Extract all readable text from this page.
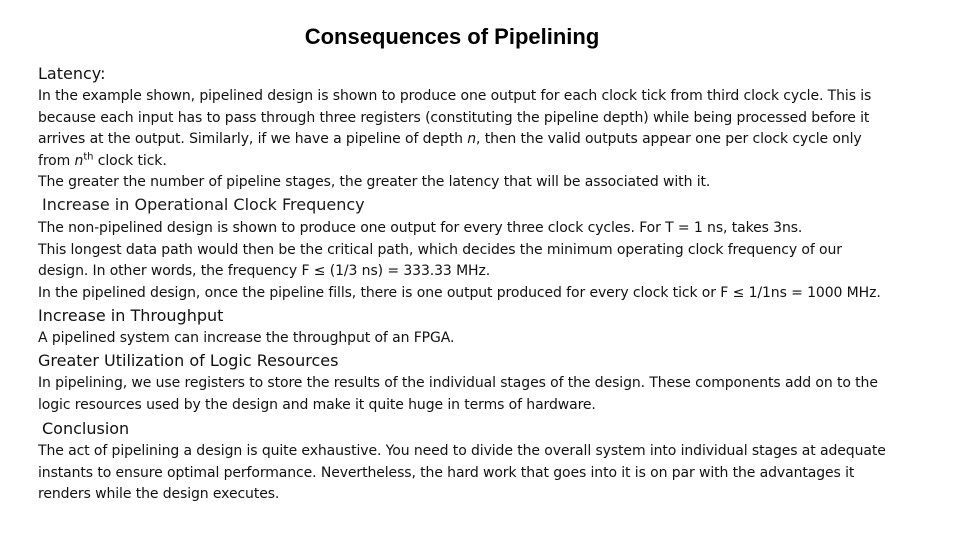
Consequences of Pipelining
Latency:
In the example shown, pipelined design is shown to produce one output for each clock tick from third clock cycle. This is
because each input has to pass through three registers (constituting the pipeline depth) while being processed before it
arrives at the output. Similarly, if we have a pipeline of depth n, then the valid outputs appear one per clock cycle only
from $n^{th}$ clock tick.
The greater the number of pipeline stages, the greater the latency that will be associated with it.
Increase in Operational Clock Frequency
The non-pipelined design is shown to produce one output for every three clock cycles. For T = 1 ns, takes 3ns.
This longest data path would then be the critical path, which decides the minimum operating clock frequency of our
design. In other words, the frequency F ≤ (1/3 ns) = 333.33 MHz.
In the pipelined design, once the pipeline fills, there is one output produced for every clock tick or F ≤ 1/1ns = 1000 MHz.
Increase in Throughput
A pipelined system can increase the throughput of an FPGA.
Greater Utilization of Logic Resources
In pipelining, we use registers to store the results of the individual stages of the design. These components add on to the
logic resources used by the design and make it quite huge in terms of hardware.
Conclusion
The act of pipelining a design is quite exhaustive. You need to divide the overall system into individual stages at adequate
instants to ensure optimal performance. Nevertheless, the hard work that goes into it is on par with the advantages it
renders while the design executes.
